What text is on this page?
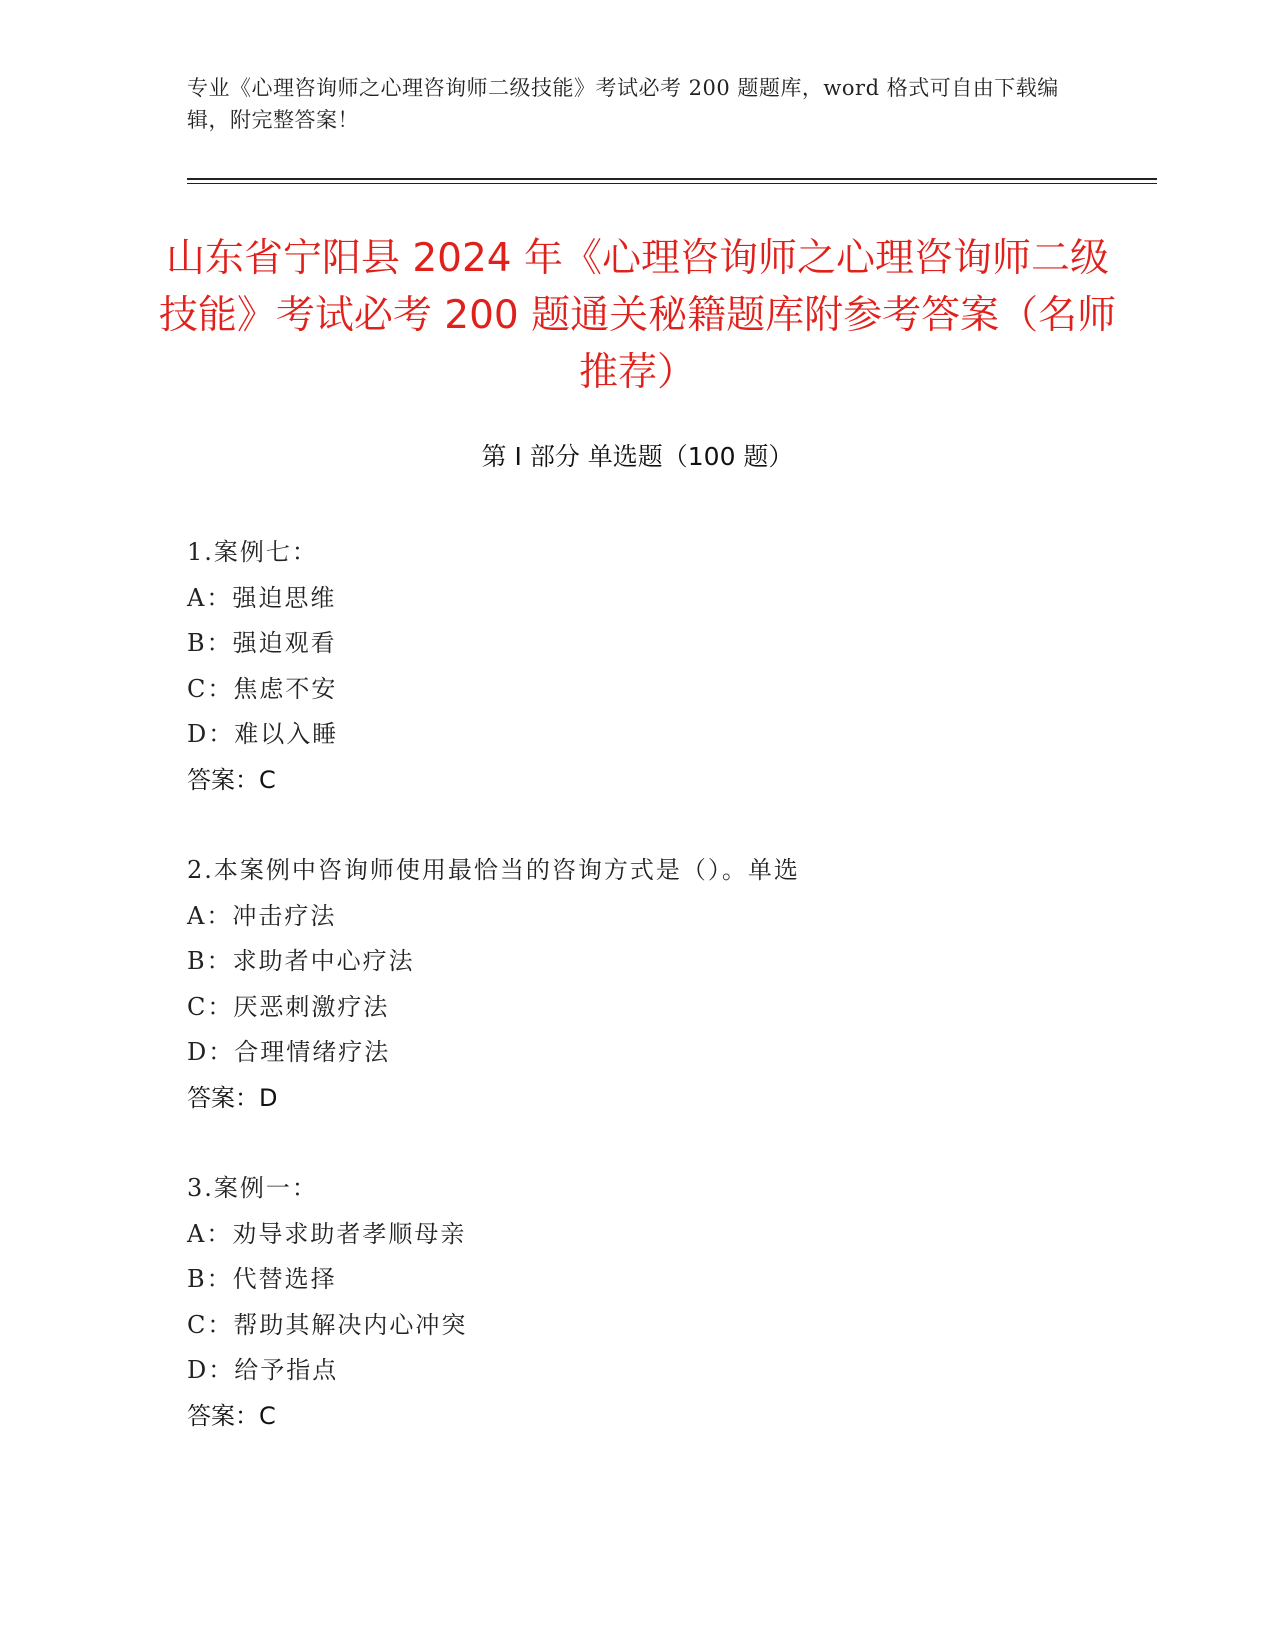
专业《心理咨询师之心理咨询师二级技能》考试必考 200 题题库，word 格式可自由下载编辑，附完整答案！
山东省宁阳县 2024 年《心理咨询师之心理咨询师二级技能》考试必考 200 题通关秘籍题库附参考答案（名师推荐）
第 I 部分 单选题（100 题）
1.案例七：
A：强迫思维
B：强迫观看
C：焦虑不安
D：难以入睡
答案：C
2.本案例中咨询师使用最恰当的咨询方式是（）。单选
A：冲击疗法
B：求助者中心疗法
C：厌恶刺激疗法
D：合理情绪疗法
答案：D
3.案例一：
A：劝导求助者孝顺母亲
B：代替选择
C：帮助其解决内心冲突
D：给予指点
答案：C
